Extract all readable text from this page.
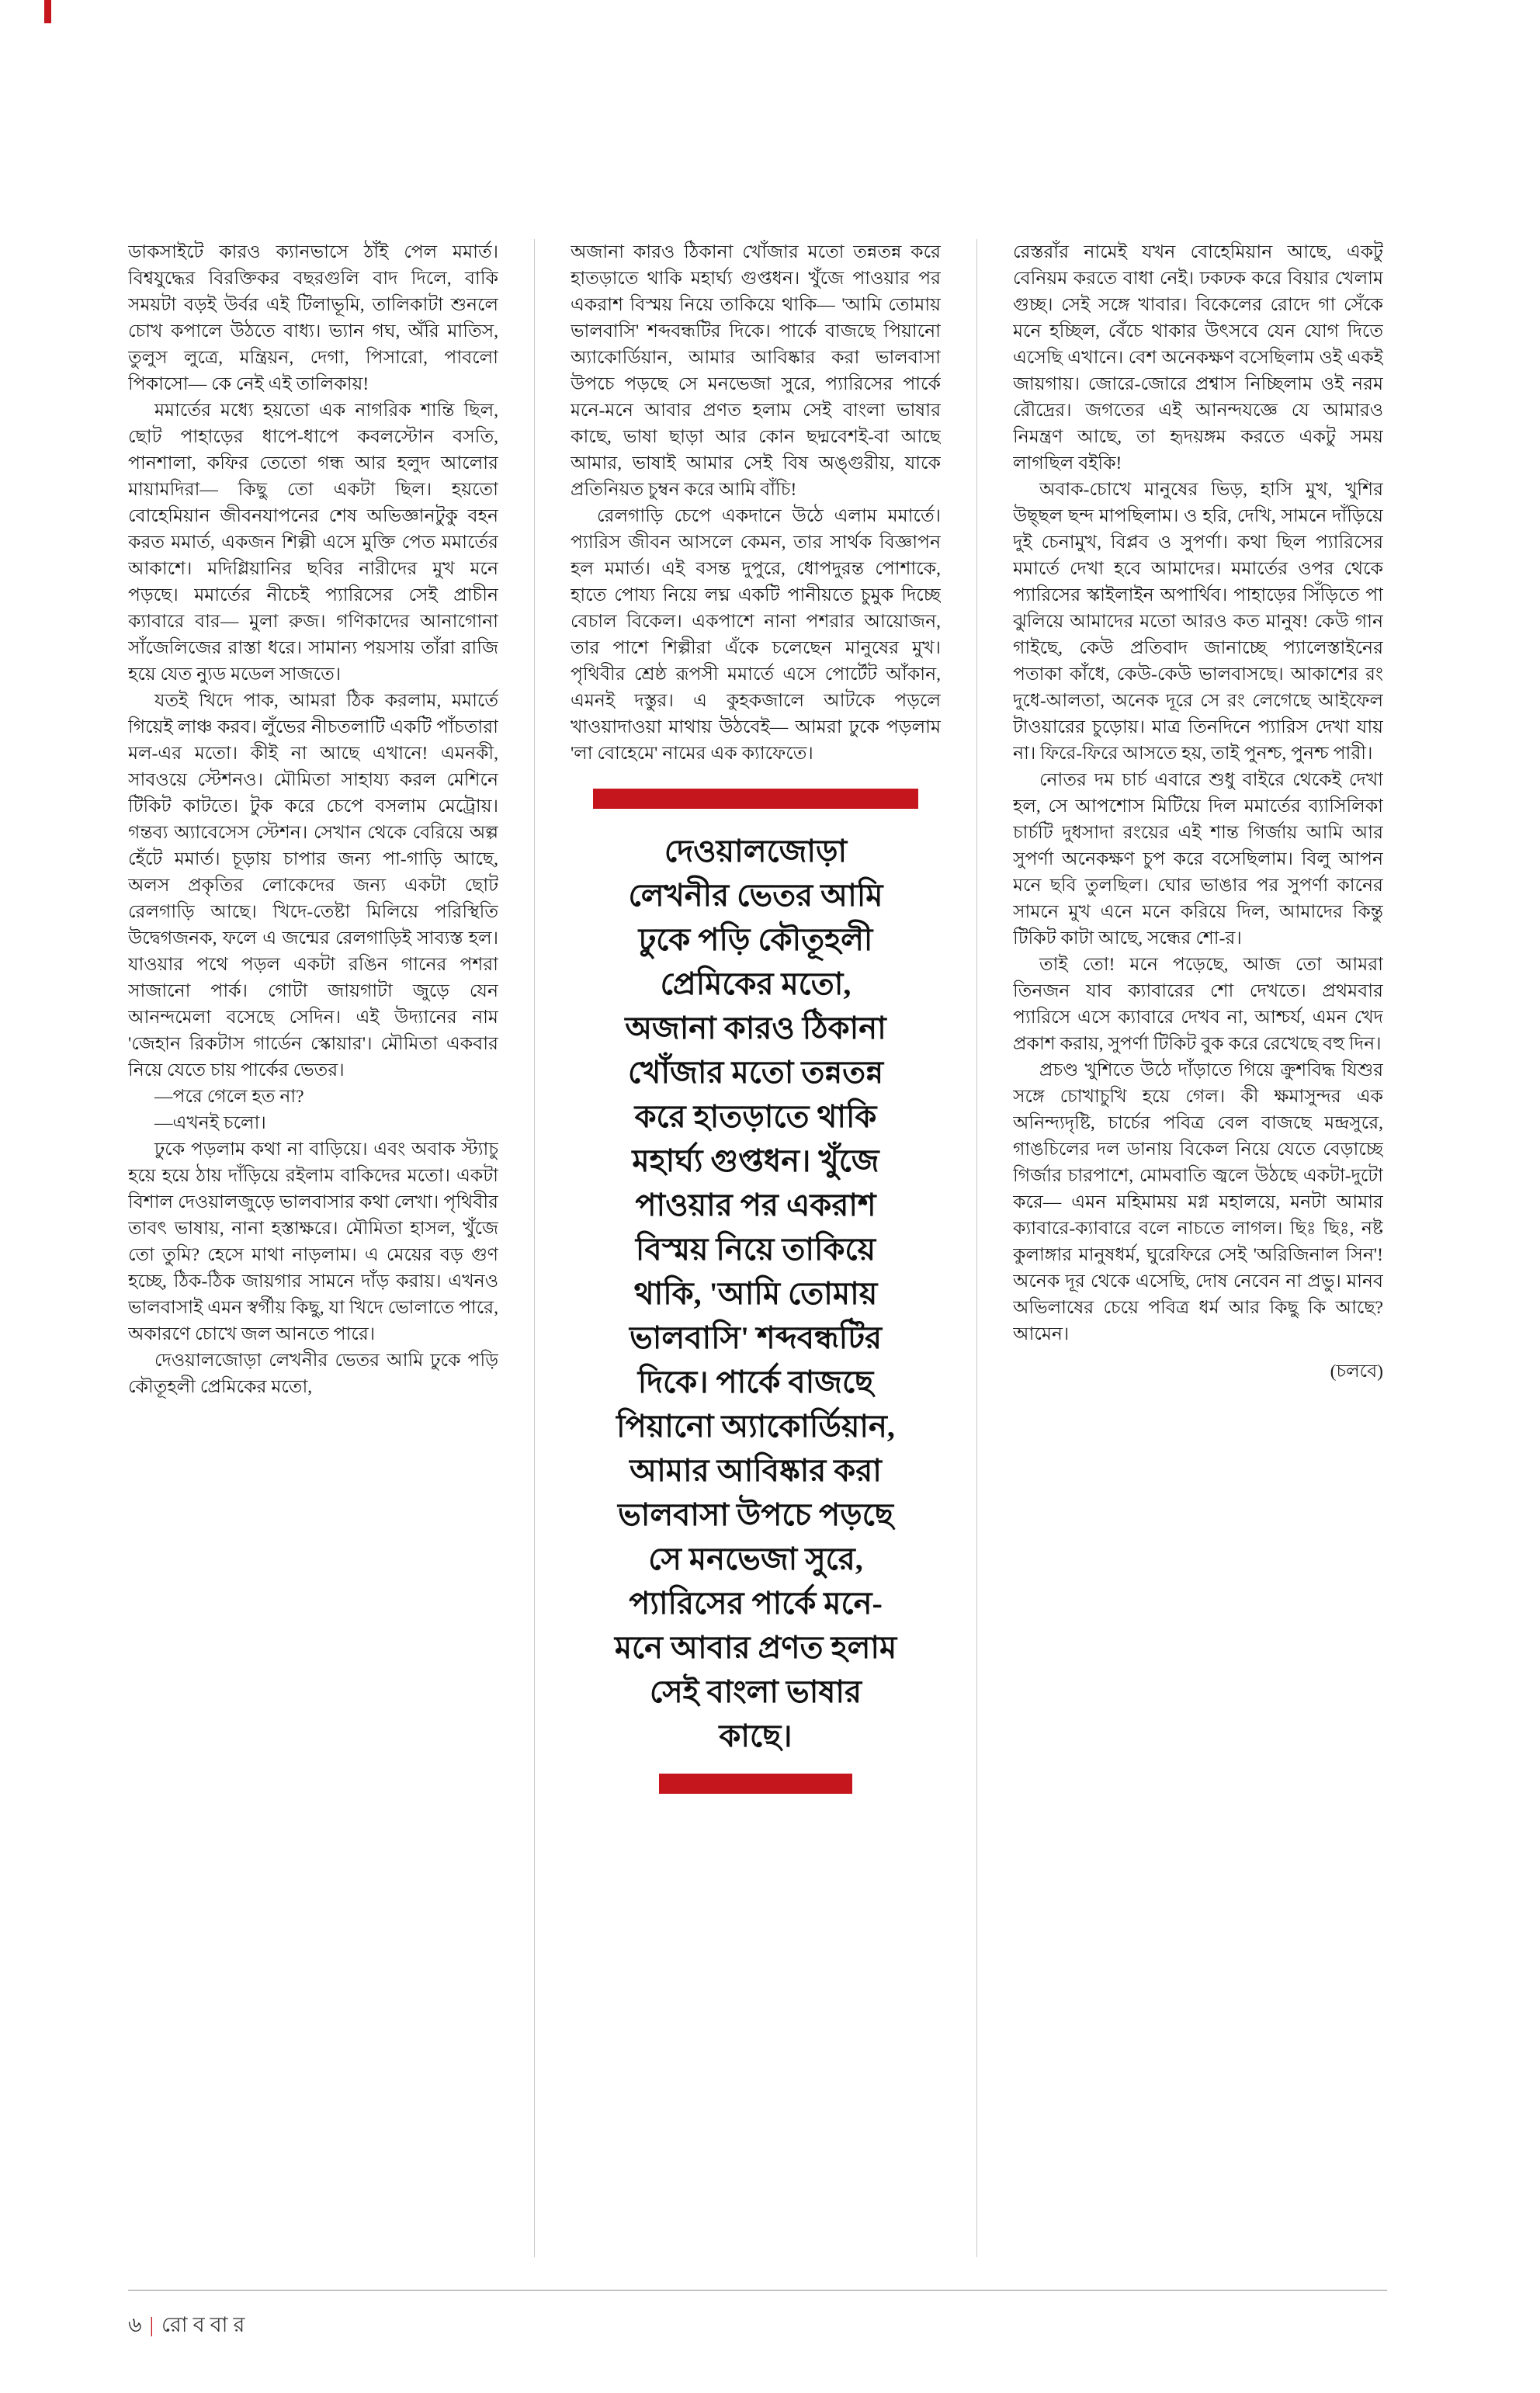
ডাকসাইটে কারও ক্যানভাসে ঠাঁই পেল মমার্ত। বিশ্বযুদ্ধের বিরক্তিকর বছরগুলি বাদ দিলে, বাকি সময়টা বড়ই উর্বর এই টিলাভূমি, তালিকাটা শুনলে চোখ কপালে উঠতে বাধ্য। ভ্যান গঘ, অঁরি মাতিস, তুলুস লুত্রে, মন্ত্রিয়ন, দেগা, পিসারো, পাবলো পিকাসো— কে নেই এই তালিকায়!

মমার্তের মধ্যে হয়তো এক নাগরিক শান্তি ছিল, ছোট পাহাড়ের ধাপে-ধাপে কবলস্টোন বসতি, পানশালা, কফির তেতো গন্ধ আর হলুদ আলোর মায়ামদিরা— কিছু তো একটা ছিল। হয়তো বোহেমিয়ান জীবনযাপনের শেষ অভিজ্ঞানটুকু বহন করত মমার্ত, একজন শিল্পী এসে মুক্তি পেত মমার্তের আকাশে। মদিগ্লিয়ানির ছবির নারীদের মুখ মনে পড়ছে। মমার্তের নীচেই প্যারিসের সেই প্রাচীন ক্যাবারে বার— মুলা রুজ। গণিকাদের আনাগোনা সাঁজেলিজের রাস্তা ধরে। সামান্য পয়সায় তাঁরা রাজি হয়ে যেত ন্যুড মডেল সাজতে।

যতই খিদে পাক, আমরা ঠিক করলাম, মমার্তে গিয়েই লাঞ্চ করব। লুঁভের নীচতলাটি একটি পাঁচতারা মল-এর মতো। কীই না আছে এখানে! এমনকী, সাবওয়ে স্টেশনও। মৌমিতা সাহায্য করল মেশিনে টিকিট কাটতে। টুক করে চেপে বসলাম মেট্রোয়। গন্তব্য অ্যাবেসেস স্টেশন। সেখান থেকে বেরিয়ে অল্প হেঁটে মমার্ত। চূড়ায় চাপার জন্য পা-গাড়ি আছে, অলস প্রকৃতির লোকেদের জন্য একটা ছোট রেলগাড়ি আছে। খিদে-তেষ্টা মিলিয়ে পরিস্থিতি উদ্বেগজনক, ফলে এ জন্মের রেলগাড়িই সাব্যস্ত হল। যাওয়ার পথে পড়ল একটা রঙিন গানের পশরা সাজানো পার্ক। গোটা জায়গাটা জুড়ে যেন আনন্দমেলা বসেছে সেদিন। এই উদ্যানের নাম 'জেহান রিকটাস গার্ডেন স্কোয়ার'। মৌমিতা একবার নিয়ে যেতে চায় পার্কের ভেতর।

—পরে গেলে হত না?

—এখনই চলো।

ঢুকে পড়লাম কথা না বাড়িয়ে। এবং অবাক স্ট্যাচু হয়ে হয়ে ঠায় দাঁড়িয়ে রইলাম বাকিদের মতো। একটা বিশাল দেওয়ালজুড়ে ভালবাসার কথা লেখা। পৃথিবীর তাবৎ ভাষায়, নানা হস্তাক্ষরে। মৌমিতা হাসল, খুঁজে তো তুমি? হেসে মাথা নাড়লাম। এ মেয়ের বড় গুণ হচ্ছে, ঠিক-ঠিক জায়গার সামনে দাঁড় করায়। এখনও ভালবাসাই এমন স্বর্গীয় কিছু, যা খিদে ভোলাতে পারে, অকারণে চোখে জল আনতে পারে।

দেওয়ালজোড়া লেখনীর ভেতর আমি ঢুকে পড়ি কৌতূহলী প্রেমিকের মতো,

অজানা কারও ঠিকানা খোঁজার মতো তন্নতন্ন করে হাতড়াতে থাকি মহার্ঘ্য গুপ্তধন। খুঁজে পাওয়ার পর একরাশ বিস্ময় নিয়ে তাকিয়ে থাকি— 'আমি তোমায় ভালবাসি' শব্দবন্ধটির দিকে। পার্কে বাজছে পিয়ানো অ্যাকোর্ডিয়ান, আমার আবিষ্কার করা ভালবাসা উপচে পড়ছে সে মনভেজা সুরে, প্যারিসের পার্কে মনে-মনে আবার প্রণত হলাম সেই বাংলা ভাষার কাছে, ভাষা ছাড়া আর কোন ছদ্মবেশই-বা আছে আমার, ভাষাই আমার সেই বিষ অঙ্গুরীয়, যাকে প্রতিনিয়ত চুম্বন করে আমি বাঁচি!

রেলগাড়ি চেপে একদানে উঠে এলাম মমার্তে। প্যারিস জীবন আসলে কেমন, তার সার্থক বিজ্ঞাপন হল মমার্ত। এই বসন্ত দুপুরে, ধোপদুরন্ত পোশাকে, হাতে পোয্য নিয়ে লঘ্ন একটি পানীয়তে চুমুক দিচ্ছে বেচাল বিকেল। একপাশে নানা পশরার আয়োজন, তার পাশে শিল্পীরা এঁকে চলেছেন মানুষের মুখ। পৃথিবীর শ্রেষ্ঠ রূপসী মমার্তে এসে পোর্টেট আঁকান, এমনই দস্তুর। এ কুহকজালে আটকে পড়লে খাওয়াদাওয়া মাথায় উঠবেই— আমরা ঢুকে পড়লাম 'লা বোহেমে' নামের এক ক্যাফেতে।

দেওয়ালজোড়া লেখনীর ভেতর আমি ঢুকে পড়ি কৌতূহলী প্রেমিকের মতো, অজানা কারও ঠিকানা খোঁজার মতো তন্নতন্ন করে হাতড়াতে থাকি মহার্ঘ্য গুপ্তধন। খুঁজে পাওয়ার পর একরাশ বিস্ময় নিয়ে তাকিয়ে থাকি, 'আমি তোমায় ভালবাসি' শব্দবন্ধটির দিকে। পার্কে বাজছে পিয়ানো অ্যাকোর্ডিয়ান, আমার আবিষ্কার করা ভালবাসা উপচে পড়ছে সে মনভেজা সুরে, প্যারিসের পার্কে মনে-মনে আবার প্রণত হলাম সেই বাংলা ভাষার কাছে।

রেস্তরাঁর নামেই যখন বোহেমিয়ান আছে, একটু বেনিয়ম করতে বাধা নেই। ঢকঢক করে বিয়ার খেলাম গুচ্ছ। সেই সঙ্গে খাবার। বিকেলের রোদে গা সেঁকে মনে হচ্ছিল, বেঁচে থাকার উৎসবে যেন যোগ দিতে এসেছি এখানে। বেশ অনেকক্ষণ বসেছিলাম ওই একই জায়গায়। জোরে-জোরে প্রশ্বাস নিচ্ছিলাম ওই নরম রৌদ্রের। জগতের এই আনন্দযজ্ঞে যে আমারও নিমন্ত্রণ আছে, তা হৃদয়ঙ্গম করতে একটু সময় লাগছিল বইকি!

অবাক-চোখে মানুষের ভিড়, হাসি মুখ, খুশির উছ্ছল ছন্দ মাপছিলাম। ও হরি, দেখি, সামনে দাঁড়িয়ে দুই চেনামুখ, বিপ্লব ও সুপর্ণা। কথা ছিল প্যারিসের মমার্তে দেখা হবে আমাদের। মমার্তের ওপর থেকে প্যারিসের স্কাইলাইন অপার্থিব। পাহাড়ের সিঁড়িতে পা ঝুলিয়ে আমাদের মতো আরও কত মানুষ! কেউ গান গাইছে, কেউ প্রতিবাদ জানাচ্ছে প্যালেস্তাইনের পতাকা কাঁধে, কেউ-কেউ ভালবাসছে। আকাশের রং দুধে-আলতা, অনেক দূরে সে রং লেগেছে আইফেল টাওয়ারের চুড়োয়। মাত্র তিনদিনে প্যারিস দেখা যায় না। ফিরে-ফিরে আসতে হয়, তাই পুনশ্চ, পুনশ্চ পারী।

নোতর দম চার্চ এবারে শুধু বাইরে থেকেই দেখা হল, সে আপশোস মিটিয়ে দিল মমার্তের ব্যাসিলিকা চার্চটি দুধসাদা রংয়ের এই শান্ত গির্জায় আমি আর সুপর্ণা অনেকক্ষণ চুপ করে বসেছিলাম। বিলু আপন মনে ছবি তুলছিল। ঘোর ভাঙার পর সুপর্ণা কানের সামনে মুখ এনে মনে করিয়ে দিল, আমাদের কিন্তু টিকিট কাটা আছে, সন্ধের শো-র।

তাই তো! মনে পড়েছে, আজ তো আমরা তিনজন যাব ক্যাবারের শো দেখতে। প্রথমবার প্যারিসে এসে ক্যাবারে দেখব না, আশ্চর্য, এমন খেদ প্রকাশ করায়, সুপর্ণা টিকিট বুক করে রেখেছে বহু দিন।

প্রচণ্ড খুশিতে উঠে দাঁড়াতে গিয়ে ক্রুশবিদ্ধ যিশুর সঙ্গে চোখাচুখি হয়ে গেল। কী ক্ষমাসুন্দর এক অনিন্দ্যদৃষ্টি, চার্চের পবিত্র বেল বাজছে মন্দ্রসুরে, গাঙচিলের দল ডানায় বিকেল নিয়ে যেতে বেড়াচ্ছে গির্জার চারপাশে, মোমবাতি জ্বলে উঠছে একটা-দুটো করে— এমন মহিমাময় মগ্ন মহালয়ে, মনটা আমার ক্যাবারে-ক্যাবারে বলে নাচতে লাগল। ছিঃ ছিঃ, নষ্ট কুলাঙ্গার মানুষধর্ম, ঘুরেফিরে সেই 'অরিজিনাল সিন'! অনেক দূর থেকে এসেছি, দোষ নেবেন না প্রভু। মানব অভিলাষের চেয়ে পবিত্র ধর্ম আর কিছু কি আছে? আমেন।

(চলবে)

৬ | রোববার
